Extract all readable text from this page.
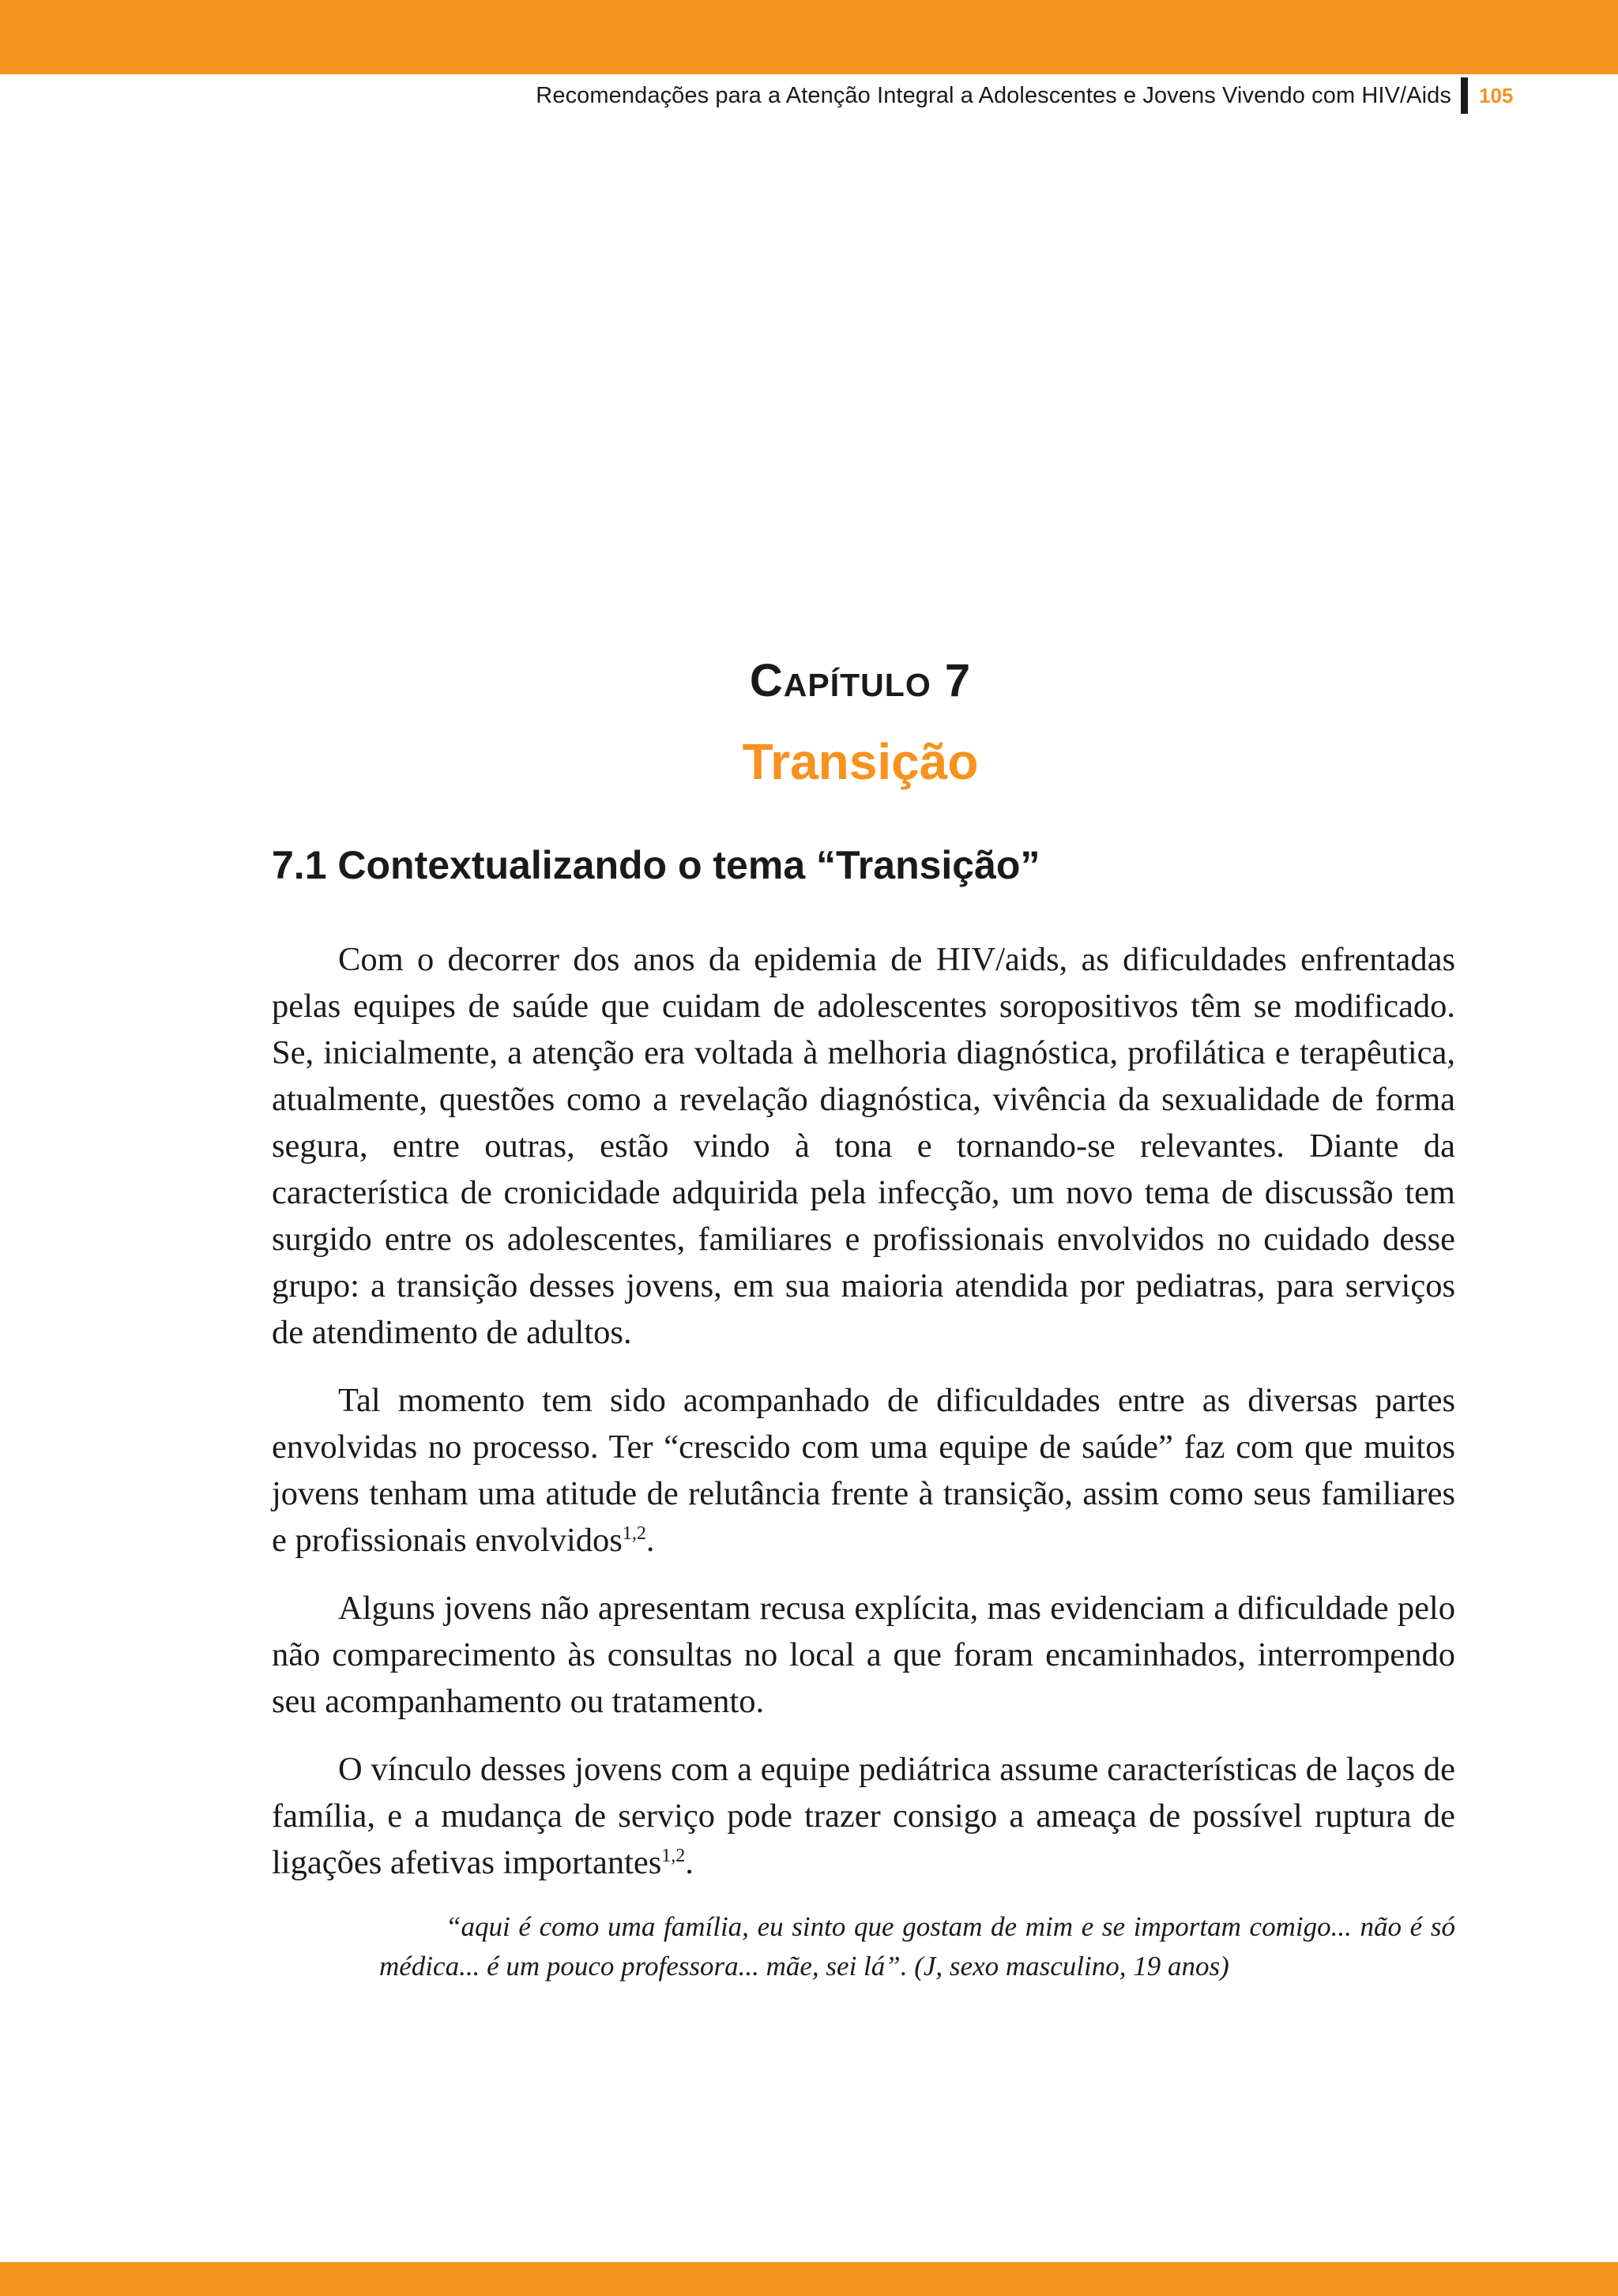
Recomendações para a Atenção Integral a Adolescentes e Jovens Vivendo com HIV/Aids 105
Capítulo 7
Transição
7.1 Contextualizando o tema “Transição”

Com o decorrer dos anos da epidemia de HIV/aids, as dificuldades enfrentadas pelas equipes de saúde que cuidam de adolescentes soropositivos têm se modificado. Se, inicialmente, a atenção era voltada à melhoria diagnóstica, profilática e terapêutica, atualmente, questões como a revelação diagnóstica, vivência da sexualidade de forma segura, entre outras, estão vindo à tona e tornando-se relevantes. Diante da característica de cronicidade adquirida pela infecção, um novo tema de discussão tem surgido entre os adolescentes, familiares e profissionais envolvidos no cuidado desse grupo: a transição desses jovens, em sua maioria atendida por pediatras, para serviços de atendimento de adultos.

Tal momento tem sido acompanhado de dificuldades entre as diversas partes envolvidas no processo. Ter “crescido com uma equipe de saúde” faz com que muitos jovens tenham uma atitude de relutância frente à transição, assim como seus familiares e profissionais envolvidos$^{1,2}$.

Alguns jovens não apresentam recusa explícita, mas evidenciam a dificuldade pelo não comparecimento às consultas no local a que foram encaminhados, interrompendo seu acompanhamento ou tratamento.

O vínculo desses jovens com a equipe pediátrica assume características de laços de família, e a mudança de serviço pode trazer consigo a ameaça de possível ruptura de ligações afetivas importantes$^{1,2}$.

“aqui é como uma família, eu sinto que gostam de mim e se importam comigo... não é só médica... é um pouco professora... mãe, sei lá”. (J, sexo masculino, 19 anos)
